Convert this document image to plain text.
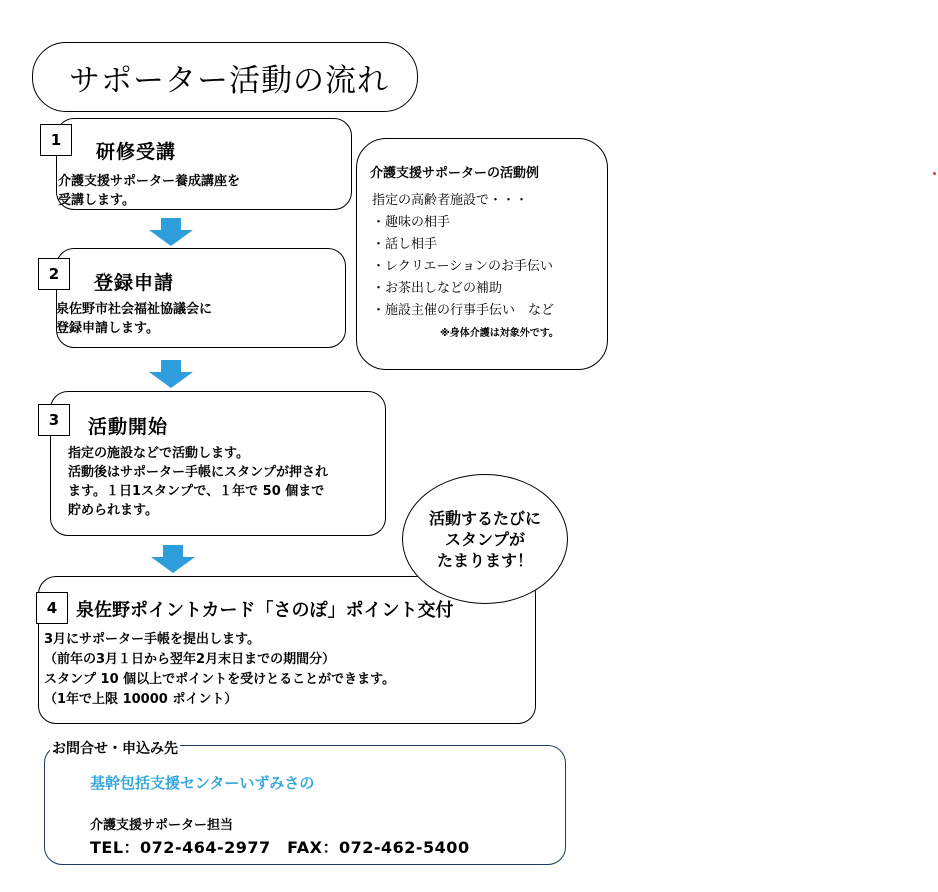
サポーター活動の流れ
1
研修受講
介護支援サポーター養成講座を
受講します。
2 登録申請
泉佐野市社会福祉協議会に
登録申請します。
3 活動開始
指定の施設などで活動します。
活動後はサポーター手帳にスタンプが押され
ます。１日1スタンプで、１年で 50 個まで
貯められます。
4 泉佐野ポイントカード「さのぽ」ポイント交付
3月にサポーター手帳を提出します。
（前年の3月１日から翌年2月末日までの期間分）
スタンプ 10 個以上でポイントを受けとることができます。
（1年で上限 10000 ポイント）
介護支援サポーターの活動例
指定の高齢者施設で・・・
・趣味の相手
・話し相手
・レクリエーションのお手伝い
・お茶出しなどの補助
・施設主催の行事手伝い　など
※身体介護は対象外です。
活動するたびに
スタンプが
たまります！
お問合せ・申込み先
基幹包括支援センターいずみさの
介護支援サポーター担当
TEL：072-464-2977　FAX：072-462-5400
